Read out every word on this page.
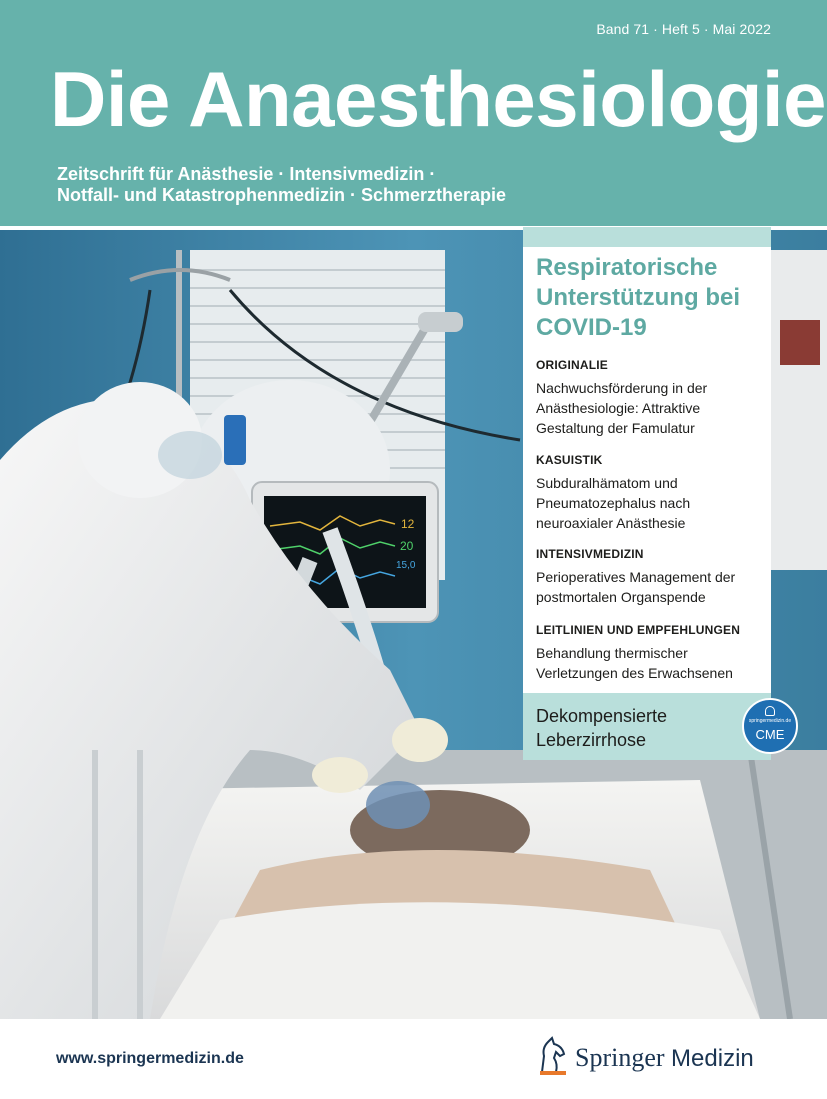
Band 71 · Heft 5 · Mai 2022
Die Anaesthesiologie
Zeitschrift für Anästhesie · Intensivmedizin ·
Notfall- und Katastrophenmedizin · Schmerztherapie
12
20
15,0
Respiratorische Unterstützung bei COVID-19
ORIGINALIE
Nachwuchsförderung in der Anästhesiologie: Attraktive Gestaltung der Famulatur
KASUISTIK
Subduralhämatom und Pneumatozephalus nach neuroaxialer Anästhesie
INTENSIVMEDIZIN
Perioperatives Management der postmortalen Organspende
LEITLINIEN UND EMPFEHLUNGEN
Behandlung thermischer Verletzungen des Erwachsenen
Dekompensierte Leberzirrhose
springermedizin.de
CME
www.springermedizin.de	Springer Medizin
